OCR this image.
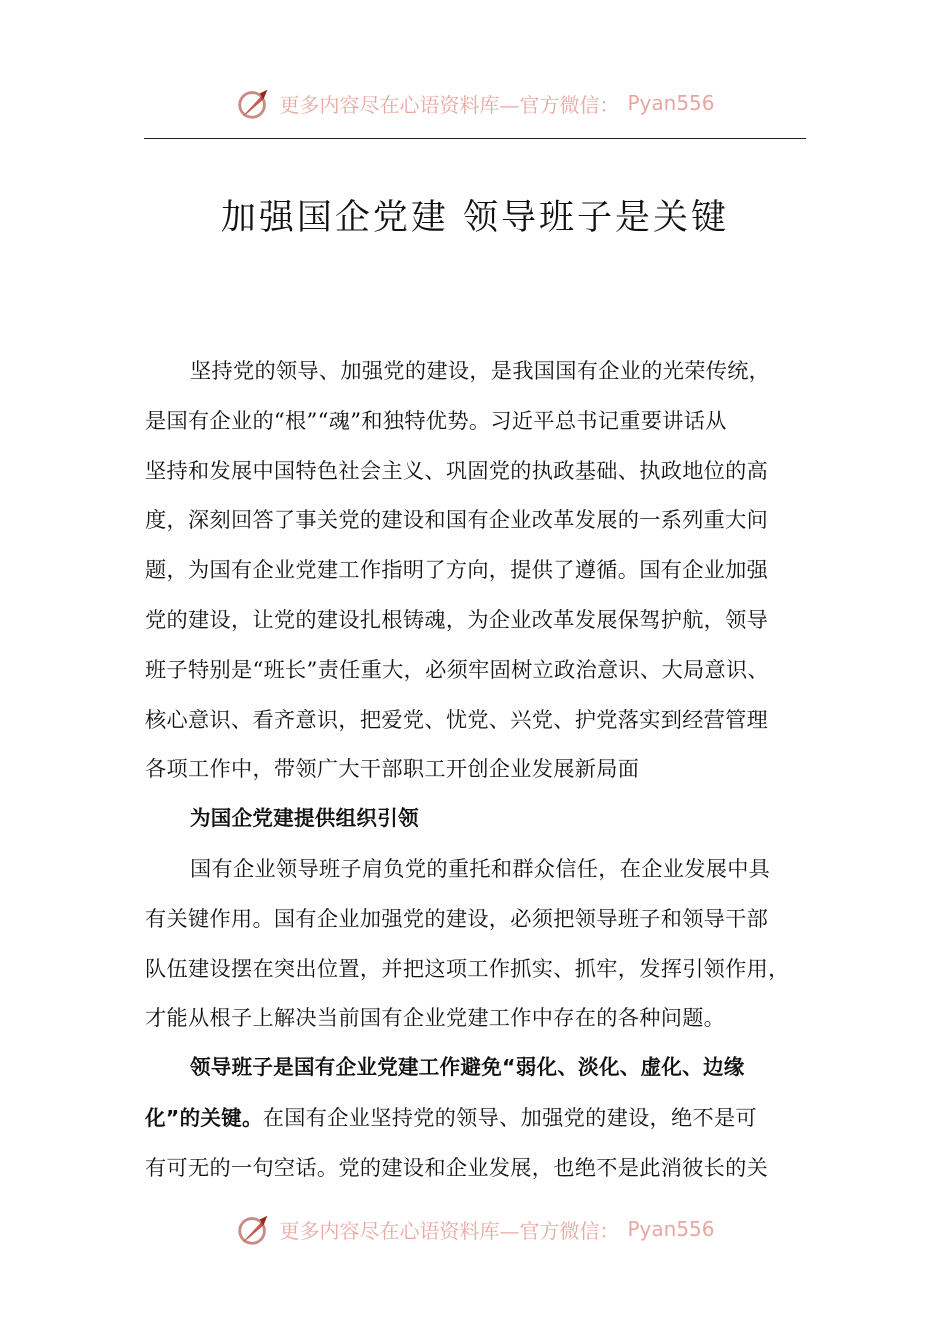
更多内容尽在心语资料库—官方微信： Pyan556
加强国企党建 领导班子是关键
坚持党的领导、加强党的建设，是我国国有企业的光荣传统，
是国有企业的“根”“魂”和独特优势。习近平总书记重要讲话从
坚持和发展中国特色社会主义、巩固党的执政基础、执政地位的高
度，深刻回答了事关党的建设和国有企业改革发展的一系列重大问
题，为国有企业党建工作指明了方向，提供了遵循。国有企业加强
党的建设，让党的建设扎根铸魂，为企业改革发展保驾护航，领导
班子特别是“班长”责任重大，必须牢固树立政治意识、大局意识、
核心意识、看齐意识，把爱党、忧党、兴党、护党落实到经营管理
各项工作中，带领广大干部职工开创企业发展新局面
为国企党建提供组织引领
国有企业领导班子肩负党的重托和群众信任，在企业发展中具
有关键作用。国有企业加强党的建设，必须把领导班子和领导干部
队伍建设摆在突出位置，并把这项工作抓实、抓牢，发挥引领作用，
才能从根子上解决当前国有企业党建工作中存在的各种问题。
领导班子是国有企业党建工作避免“弱化、淡化、虚化、边缘
化”的关键。在国有企业坚持党的领导、加强党的建设，绝不是可
有可无的一句空话。党的建设和企业发展，也绝不是此消彼长的关
更多内容尽在心语资料库—官方微信： Pyan556
